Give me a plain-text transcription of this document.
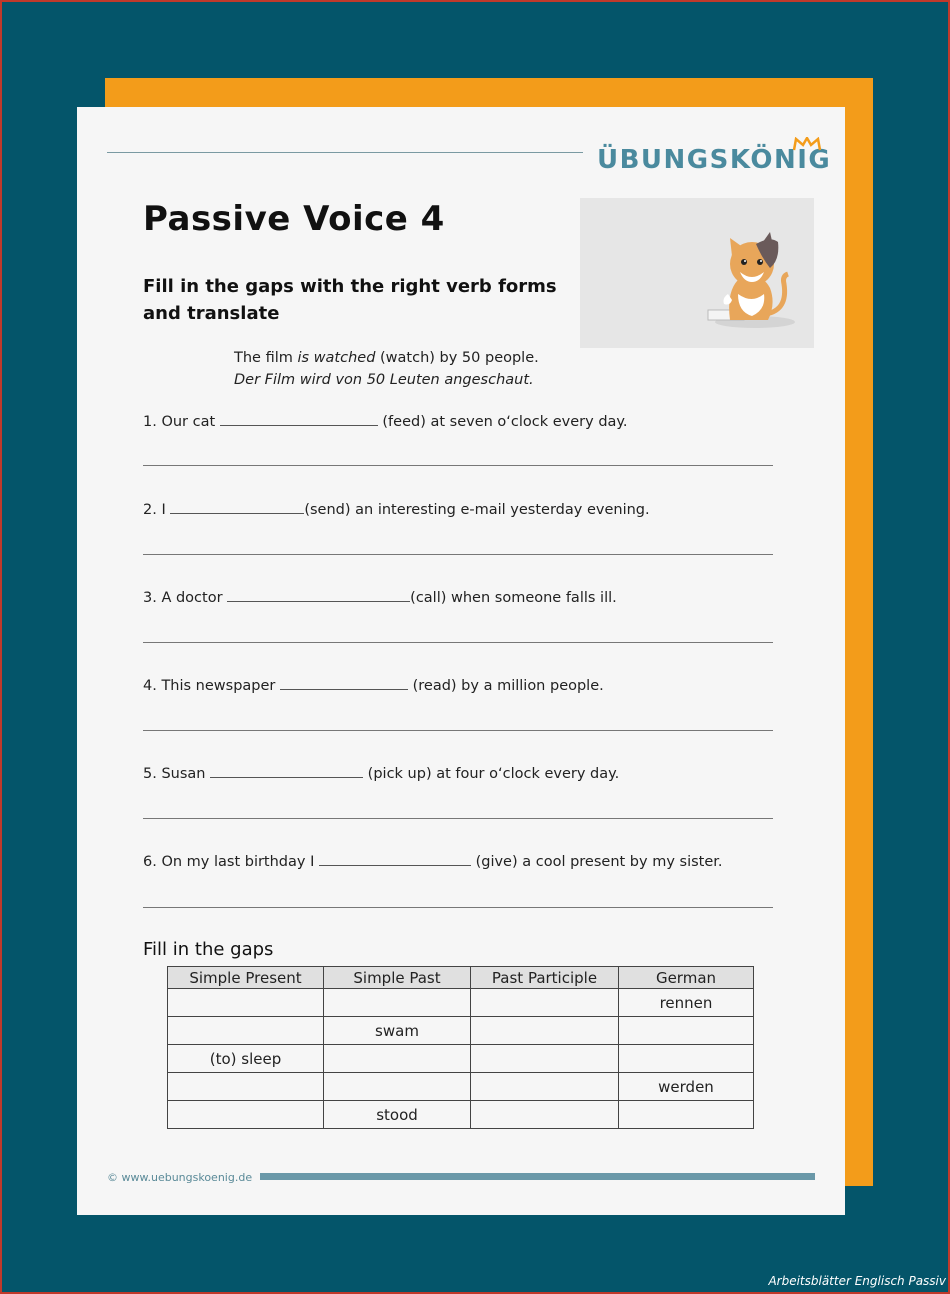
ÜBUNGSKÖNIG
Passive Voice 4
Fill in the gaps with the right verb forms and translate
The film is watched (watch) by 50 people.
Der Film wird von 50 Leuten angeschaut.
1. Our cat	(feed) at seven o‘clock every day.
2. I	(send) an interesting e-mail yesterday evening.
3. A doctor	(call) when someone falls ill.
4. This newspaper	(read) by a million people.
5. Susan	(pick up) at four o‘clock every day.
6. On my last birthday I	(give) a cool present by my sister.
Fill in the gaps
Simple Present	Simple Past	Past Participle	German
			rennen
	swam		
(to) sleep			
			werden
	stood		
© www.uebungskoenig.de
Arbeitsblätter Englisch Passiv
